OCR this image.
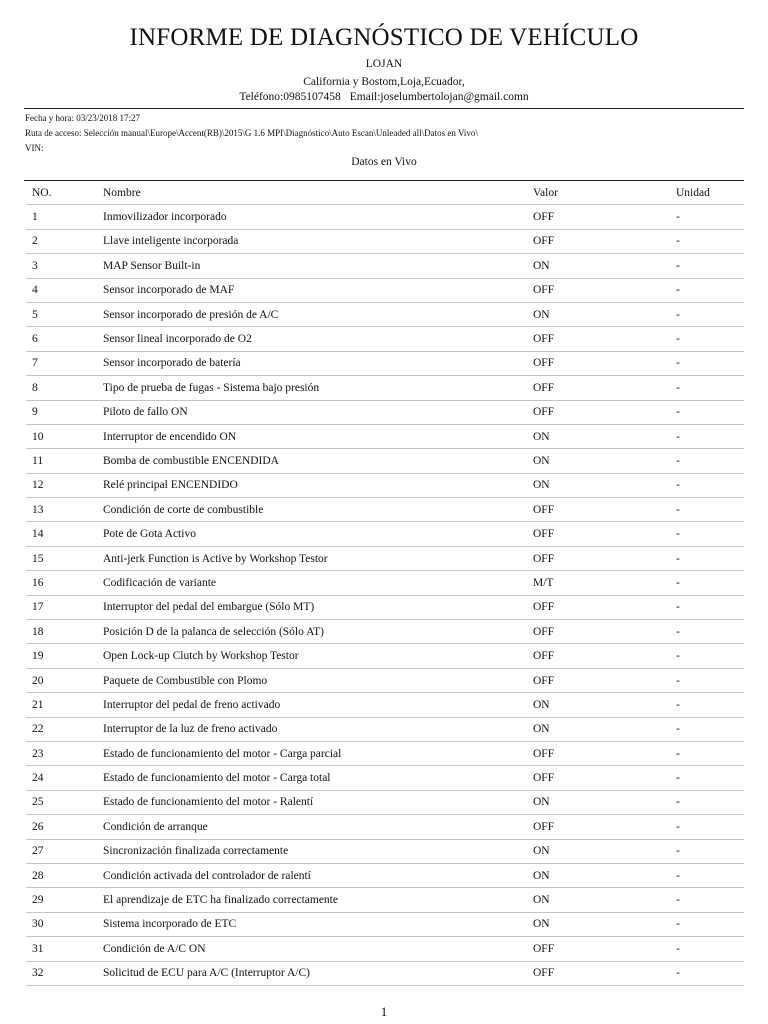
INFORME DE DIAGNÓSTICO DE VEHÍCULO
LOJAN
California y Bostom,Loja,Ecuador,
Teléfono:0985107458 Email:joselumbertolojan@gmail.comn
Fecha y hora: 03/23/2018 17:27
Ruta de acceso: Selección manual\Europe\Accent(RB)\2015\G 1.6 MPI\Diagnóstico\Auto Escan\Unleaded all\Datos en Vivo\
VIN:
Datos en Vivo
NO.	Nombre	Valor	Unidad
1	Inmovilizador incorporado	OFF	-
2	Llave inteligente incorporada	OFF	-
3	MAP Sensor Built-in	ON	-
4	Sensor incorporado de MAF	OFF	-
5	Sensor incorporado de presión de A/C	ON	-
6	Sensor lineal incorporado de O2	OFF	-
7	Sensor incorporado de batería	OFF	-
8	Tipo de prueba de fugas - Sistema bajo presión	OFF	-
9	Piloto de fallo ON	OFF	-
10	Interruptor de encendido ON	ON	-
11	Bomba de combustible ENCENDIDA	ON	-
12	Relé principal ENCENDIDO	ON	-
13	Condición de corte de combustible	OFF	-
14	Pote de Gota Activo	OFF	-
15	Anti-jerk Function is Active by Workshop Testor	OFF	-
16	Codificación de variante	M/T	-
17	Interruptor del pedal del embargue (Sólo MT)	OFF	-
18	Posición D de la palanca de selección (Sólo AT)	OFF	-
19	Open Lock-up Clutch by Workshop Testor	OFF	-
20	Paquete de Combustible con Plomo	OFF	-
21	Interruptor del pedal de freno activado	ON	-
22	Interruptor de la luz de freno activado	ON	-
23	Estado de funcionamiento del motor - Carga parcial	OFF	-
24	Estado de funcionamiento del motor - Carga total	OFF	-
25	Estado de funcionamiento del motor - Ralentí	ON	-
26	Condición de arranque	OFF	-
27	Sincronización finalizada correctamente	ON	-
28	Condición activada del controlador de ralentí	ON	-
29	El aprendizaje de ETC ha finalizado correctamente	ON	-
30	Sistema incorporado de ETC	ON	-
31	Condición de A/C ON	OFF	-
32	Solicitud de ECU para A/C (Interruptor A/C)	OFF	-
1
